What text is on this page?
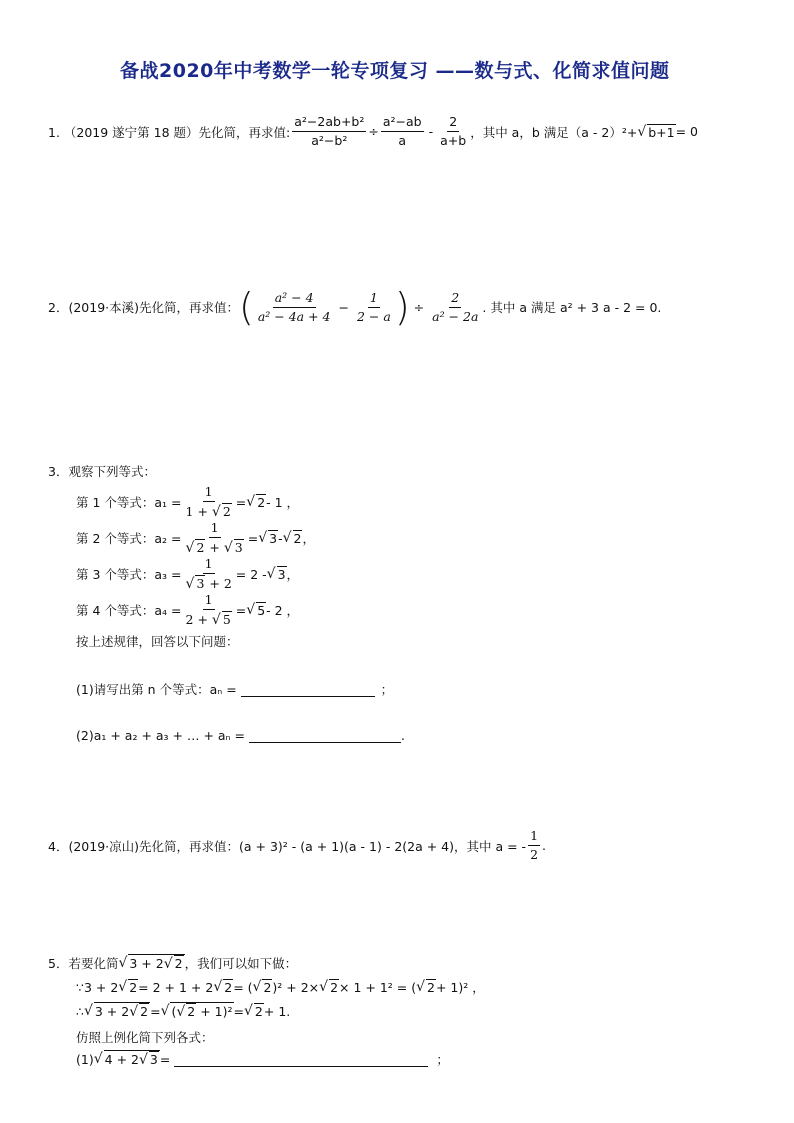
备战2020年中考数学一轮专项复习 ——数与式、化简求值问题
1. （2019 遂宁第 18 题）先化简，再求值: $\frac{\text{a²−2ab+b²}}{\text{a²−b²}} \div \frac{\text{a²−ab}}{a} - \frac{2}{a+b}$ ，其中 a，b 满足（a - 2）²+ √ b+1 = 0
2．(2019·本溪)先化简，再求值： ( $\frac{\text{a² − 4}}{\text{a² − 4a + 4}} - \frac{1}{2 - a}$ ) ÷ $\frac{2}{\text{a² − 2a}}$ . 其中 a 满足 a² + 3 a - 2 = 0.
3．观察下列等式：
第 1 个等式：$a_1 = \frac{1}{1 + √ 2}$ = √ 2 - 1 ，
第 2 个等式：$a_2 = \frac{1}{√ 2 + √ 3}$ = √ 3 - √ 2 ，
第 3 个等式：$a_3 = \frac{1}{√ 3 + 2} = 2$ - √ 3 ，
第 4 个等式：$a_4 = \frac{1}{2 + √ 5}$ = √ 5 - 2 ，
按上述规律，回答以下问题：
(1)请写出第 n 个等式：aₙ =	；
(2)a₁ + a₂ + a₃ + … + aₙ =	.
4．(2019·凉山)先化简，再求值：(a + 3)² - (a + 1)(a - 1) - 2(2a + 4)，其中 a = - $\frac{1}{2}$ .
5．若要化简 √ 3 + 2√ 2 ，我们可以如下做：
∵3 + 2 √ 2 = 2 + 1 + 2 √ 2 = ( √ 2 )² + 2× √ 2 × 1 + 1² = ( √ 2 + 1)² ，
∴ √ 3 + 2√ 2 = √ (√ 2 + 1)² = √ 2 + 1.
仿照上例化简下列各式：
(1) √ 4 + 2√ 3 =	；
